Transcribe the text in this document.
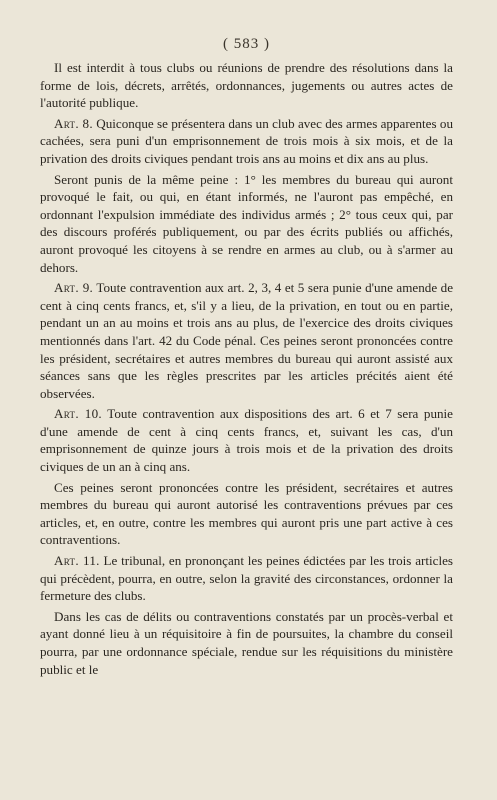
( 583 )

Il est interdit à tous clubs ou réunions de prendre des résolutions dans la forme de lois, décrets, arrêtés, ordonnances, jugements ou autres actes de l'autorité publique.

Art. 8. Quiconque se présentera dans un club avec des armes apparentes ou cachées, sera puni d'un emprisonnement de trois mois à six mois, et de la privation des droits civiques pendant trois ans au moins et dix ans au plus.

Seront punis de la même peine : 1° les membres du bureau qui auront provoqué le fait, ou qui, en étant informés, ne l'auront pas empêché, en ordonnant l'expulsion immédiate des individus armés ; 2° tous ceux qui, par des discours proférés publiquement, ou par des écrits publiés ou affichés, auront provoqué les citoyens à se rendre en armes au club, ou à s'armer au dehors.

Art. 9. Toute contravention aux art. 2, 3, 4 et 5 sera punie d'une amende de cent à cinq cents francs, et, s'il y a lieu, de la privation, en tout ou en partie, pendant un an au moins et trois ans au plus, de l'exercice des droits civiques mentionnés dans l'art. 42 du Code pénal. Ces peines seront prononcées contre les président, secrétaires et autres membres du bureau qui auront assisté aux séances sans que les règles prescrites par les articles précités aient été observées.

Art. 10. Toute contravention aux dispositions des art. 6 et 7 sera punie d'une amende de cent à cinq cents francs, et, suivant les cas, d'un emprisonnement de quinze jours à trois mois et de la privation des droits civiques de un an à cinq ans.

Ces peines seront prononcées contre les président, secrétaires et autres membres du bureau qui auront autorisé les contraventions prévues par ces articles, et, en outre, contre les membres qui auront pris une part active à ces contraventions.

Art. 11. Le tribunal, en prononçant les peines édictées par les trois articles qui précèdent, pourra, en outre, selon la gravité des circonstances, ordonner la fermeture des clubs.

Dans les cas de délits ou contraventions constatés par un procès-verbal et ayant donné lieu à un réquisitoire à fin de poursuites, la chambre du conseil pourra, par une ordonnance spéciale, rendue sur les réquisitions du ministère public et le
